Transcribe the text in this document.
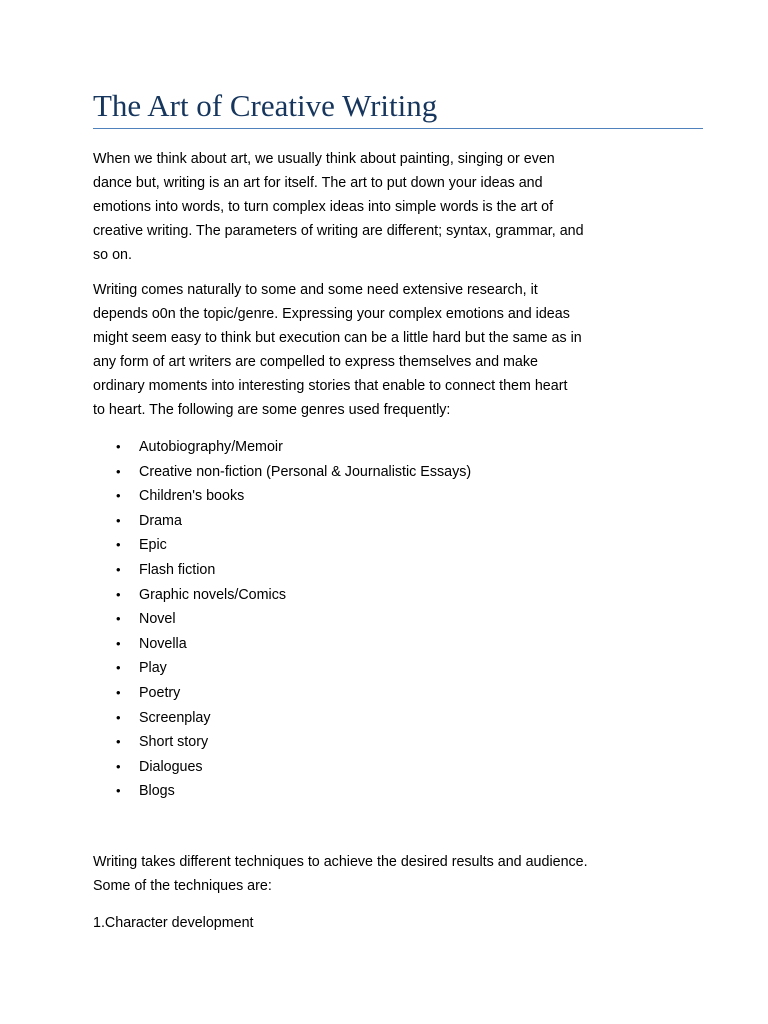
The Art of Creative Writing

When we think about art, we usually think about painting, singing or even
dance but, writing is an art for itself. The art to put down your ideas and
emotions into words, to turn complex ideas into simple words is the art of
creative writing. The parameters of writing are different; syntax, grammar, and
so on.

Writing comes naturally to some and some need extensive research, it
depends o0n the topic/genre. Expressing your complex emotions and ideas
might seem easy to think but execution can be a little hard but the same as in
any form of art writers are compelled to express themselves and make
ordinary moments into interesting stories that enable to connect them heart
to heart. The following are some genres used frequently:

• Autobiography/Memoir
• Creative non-fiction (Personal & Journalistic Essays)
• Children's books
• Drama
• Epic
• Flash fiction
• Graphic novels/Comics
• Novel
• Novella
• Play
• Poetry
• Screenplay
• Short story
• Dialogues
• Blogs

Writing takes different techniques to achieve the desired results and audience.
Some of the techniques are:

1.Character development
